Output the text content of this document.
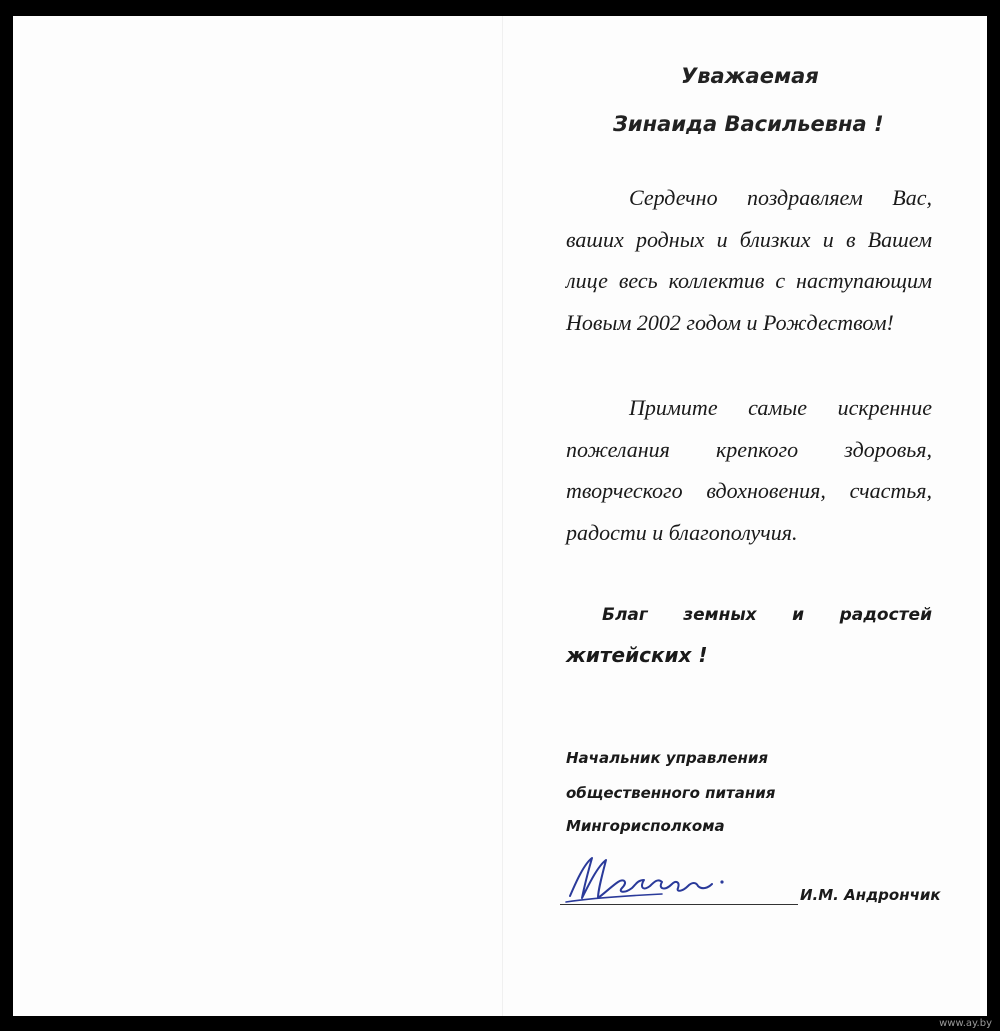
Уважаемая

Зинаида Васильевна !

Сердечно поздравляем Вас, ваших родных и близких и в Вашем лице весь коллектив с наступающим Новым 2002 годом и Рождеством!

Примите самые искренние пожелания крепкого здоровья, творческого вдохновения, счастья, радости и благополучия.

Благ земных и радостей житейских !

Начальник управления

общественного питания

Мингорисполкома

И.М. Андрончик

www.ay.by
